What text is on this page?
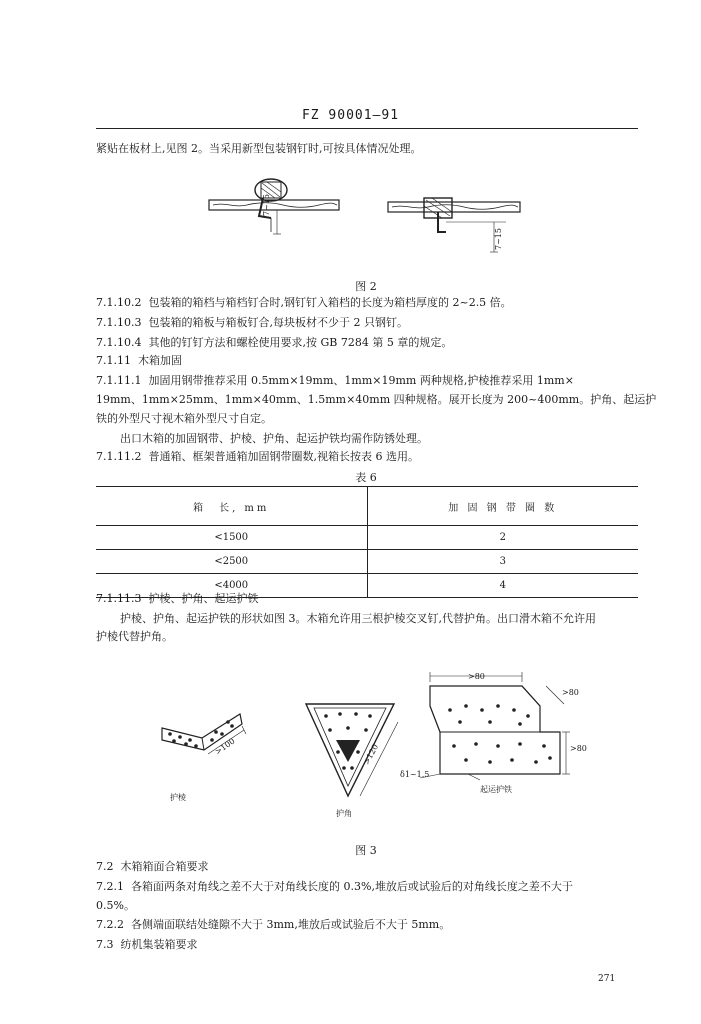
FZ 90001—91
紧贴在板材上,见图 2。当采用新型包装钢钉时,可按具体情况处理。
7~15
7~15
图 2
7.1.10.2 包装箱的箱档与箱档钉合时,钢钉钉入箱档的长度为箱档厚度的 2~2.5 倍。
7.1.10.3 包装箱的箱板与箱板钉合,每块板材不少于 2 只钢钉。
7.1.10.4 其他的钉钉方法和螺栓使用要求,按 GB 7284 第 5 章的规定。
7.1.11 木箱加固
7.1.11.1 加固用钢带推荐采用 0.5mm×19mm、1mm×19mm 两种规格,护棱推荐采用 1mm×
19mm、1mm×25mm、1mm×40mm、1.5mm×40mm 四种规格。展开长度为 200~400mm。护角、起运护
铁的外型尺寸视木箱外型尺寸自定。
出口木箱的加固钢带、护棱、护角、起运护铁均需作防锈处理。
7.1.11.2 普通箱、框架普通箱加固钢带圈数,视箱长按表 6 选用。
表 6
箱　长, mm	加 固 钢 带 圈 数
<1500	2
<2500	3
<4000	4
7.1.11.3 护棱、护角、起运护铁
护棱、护角、起运护铁的形状如图 3。木箱允许用三根护棱交叉钉,代替护角。出口滑木箱不允许用
护棱代替护角。
>100
护棱
>120
护角
>80
>80
>80
δ1~1.5
起运护铁
图 3
7.2 木箱箱面合箱要求
7.2.1 各箱面两条对角线之差不大于对角线长度的 0.3%,堆放后或试验后的对角线长度之差不大于
0.5%。
7.2.2 各侧端面联结处缝隙不大于 3mm,堆放后或试验后不大于 5mm。
7.3 纺机集装箱要求
271
